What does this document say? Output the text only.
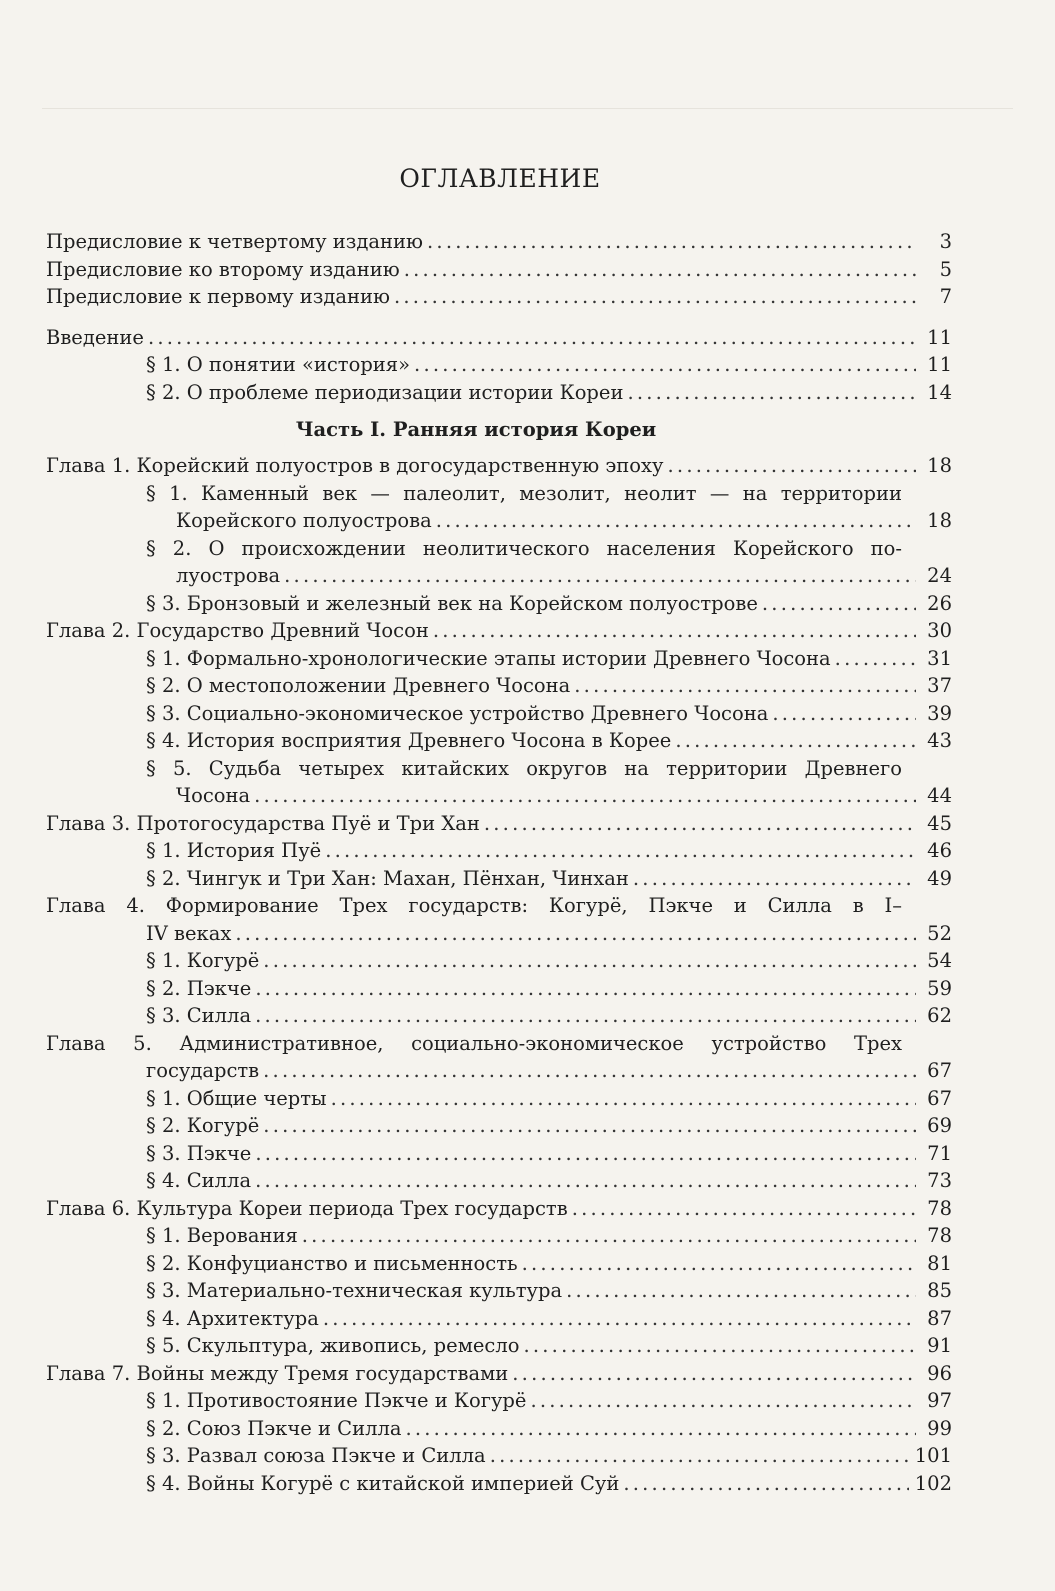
ОГЛАВЛЕНИЕ
Предисловие к четвертому изданию .....	3
Предисловие ко второму изданию .....	5
Предисловие к первому изданию .....	7
Введение .....	11
§ 1. О понятии «история» .....	11
§ 2. О проблеме периодизации истории Кореи .....	14
Часть I. Ранняя история Кореи
Глава 1. Корейский полуостров в догосударственную эпоху .....	18
§ 1. Каменный век — палеолит, мезолит, неолит — на территории
Корейского полуострова .....	18
§ 2. О происхождении неолитического населения Корейского по-
луострова .....	24
§ 3. Бронзовый и железный век на Корейском полуострове .....	26
Глава 2. Государство Древний Чосон .....	30
§ 1. Формально-хронологические этапы истории Древнего Чосона .....	31
§ 2. О местоположении Древнего Чосона .....	37
§ 3. Социально-экономическое устройство Древнего Чосона .....	39
§ 4. История восприятия Древнего Чосона в Корее .....	43
§ 5. Судьба четырех китайских округов на территории Древнего
Чосона .....	44
Глава 3. Протогосударства Пуё и Три Хан .....	45
§ 1. История Пуё .....	46
§ 2. Чингук и Три Хан: Махан, Пёнхан, Чинхан .....	49
Глава 4. Формирование Трех государств: Когурё, Пэкче и Силла в I–
IV веках .....	52
§ 1. Когурё .....	54
§ 2. Пэкче .....	59
§ 3. Силла .....	62
Глава 5. Административное, социально-экономическое устройство Трех
государств .....	67
§ 1. Общие черты .....	67
§ 2. Когурё .....	69
§ 3. Пэкче .....	71
§ 4. Силла .....	73
Глава 6. Культура Кореи периода Трех государств .....	78
§ 1. Верования .....	78
§ 2. Конфуцианство и письменность .....	81
§ 3. Материально-техническая культура .....	85
§ 4. Архитектура .....	87
§ 5. Скульптура, живопись, ремесло .....	91
Глава 7. Войны между Тремя государствами .....	96
§ 1. Противостояние Пэкче и Когурё .....	97
§ 2. Союз Пэкче и Силла .....	99
§ 3. Развал союза Пэкче и Силла .....	101
§ 4. Войны Когурё с китайской империей Суй .....	102
